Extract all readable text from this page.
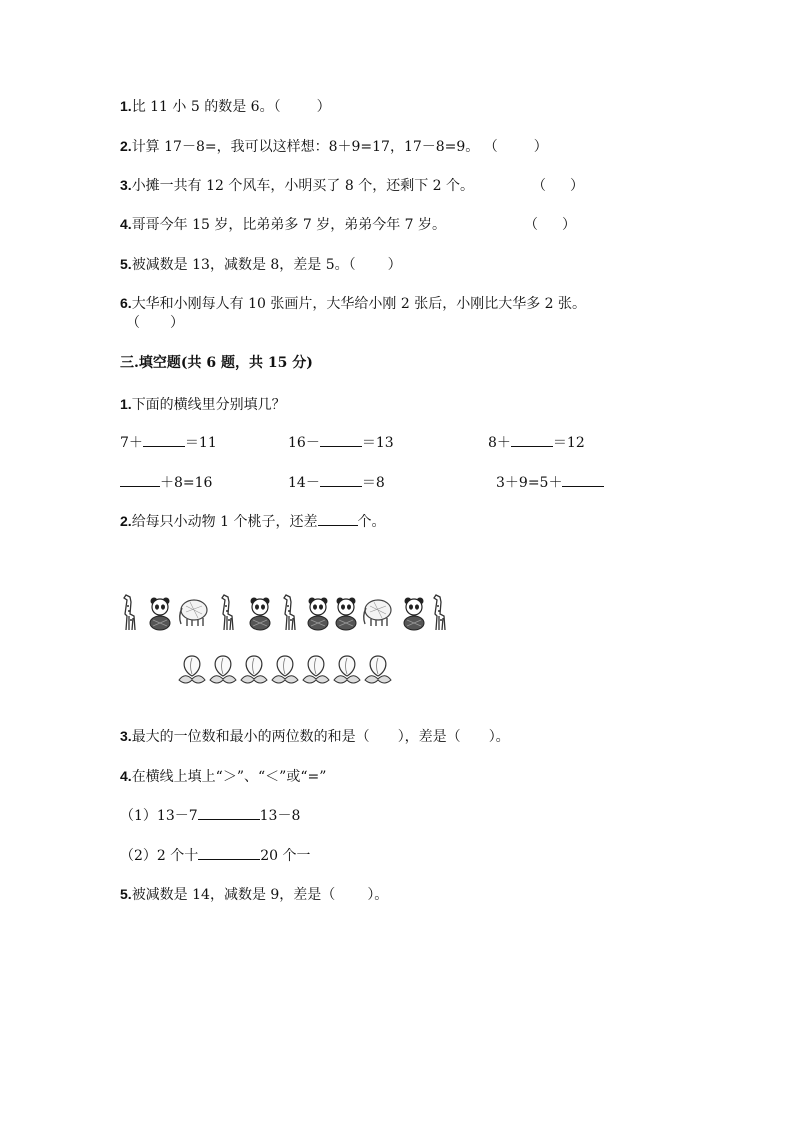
1.比 11 小 5 的数是 6。（	）
2.计算 17－8=，我可以这样想：8＋9=17，17－8=9。 （	）
3.小摊一共有 12 个风车，小明买了 8 个，还剩下 2 个。	（ ）
4.哥哥今年 15 岁，比弟弟多 7 岁，弟弟今年 7 岁。	（ ）
5.被减数是 13，减数是 8，差是 5。（ ）
6.大华和小刚每人有 10 张画片，大华给小刚 2 张后，小刚比大华多 2 张。
（ ）
三.填空题(共 6 题，共 15 分)
1.下面的横线里分别填几？
7＋	＝11	16－	＝13	8＋	＝12
＋8=16	14－	＝8	3＋9=5＋
2.给每只小动物 1 个桃子，还差	个。
3.最大的一位数和最小的两位数的和是（ ），差是（ ）。
4.在横线上填上“＞”、“＜”或“=”
（1）13－7	13－8
（2）2 个十	20 个一
5.被减数是 14，减数是 9，差是（ ）。
